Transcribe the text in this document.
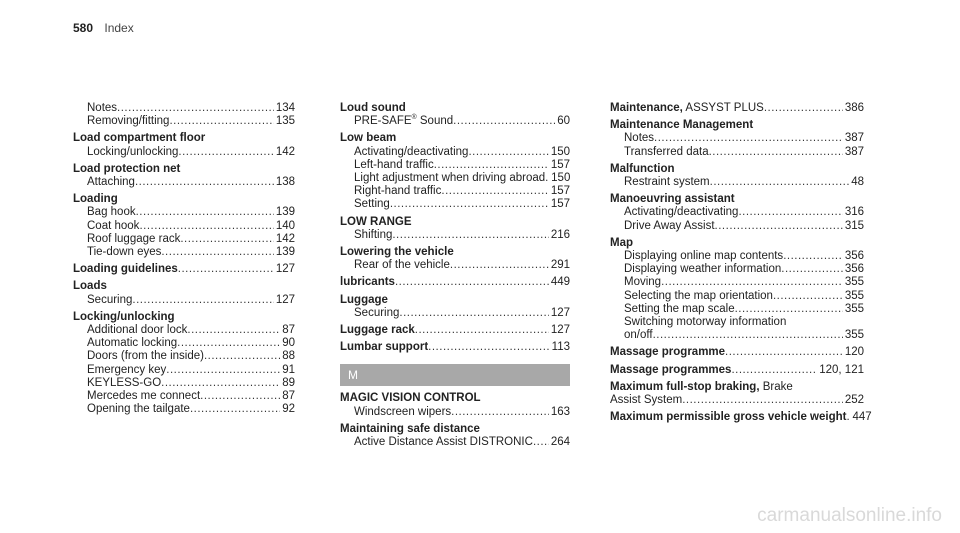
580 Index
Notes .....	134
Removing/fitting .....	135
Load compartment floor
Locking/unlocking .....	142
Load protection net
Attaching .....	138
Loading
Bag hook .....	139
Coat hook .....	140
Roof luggage rack .....	142
Tie-down eyes .....	139
Loading guidelines .....	127
Loads
Securing .....	127
Locking/unlocking
Additional door lock .....	87
Automatic locking .....	90
Doors (from the inside) .....	88
Emergency key .....	91
KEYLESS-GO .....	89
Mercedes me connect .....	87
Opening the tailgate .....	92
Loud sound
PRE-SAFE® Sound .....	60
Low beam
Activating/deactivating .....	150
Left-hand traffic .....	157
Light adjustment when driving abroad ..... 150
Right-hand traffic .....	157
Setting .....	157
LOW RANGE
Shifting .....	216
Lowering the vehicle
Rear of the vehicle .....	291
lubricants .....	449
Luggage
Securing .....	127
Luggage rack .....	127
Lumbar support .....	113
M
MAGIC VISION CONTROL
Windscreen wipers .....	163
Maintaining safe distance
Active Distance Assist DISTRONIC ..... 264
Maintenance, ASSYST PLUS .....	386
Maintenance Management
Notes .....	387
Transferred data .....	387
Malfunction
Restraint system .....	48
Manoeuvring assistant
Activating/deactivating .....	316
Drive Away Assist .....	315
Map
Displaying online map contents .....	356
Displaying weather information .....	356
Moving .....	355
Selecting the map orientation .....	355
Setting the map scale .....	355
Switching motorway information
on/off .....	355
Massage programme .....	120
Massage programmes .....	120, 121
Maximum full-stop braking, Brake
Assist System .....	252
Maximum permissible gross vehicle weight ..... 447
carmanualsonline.info
